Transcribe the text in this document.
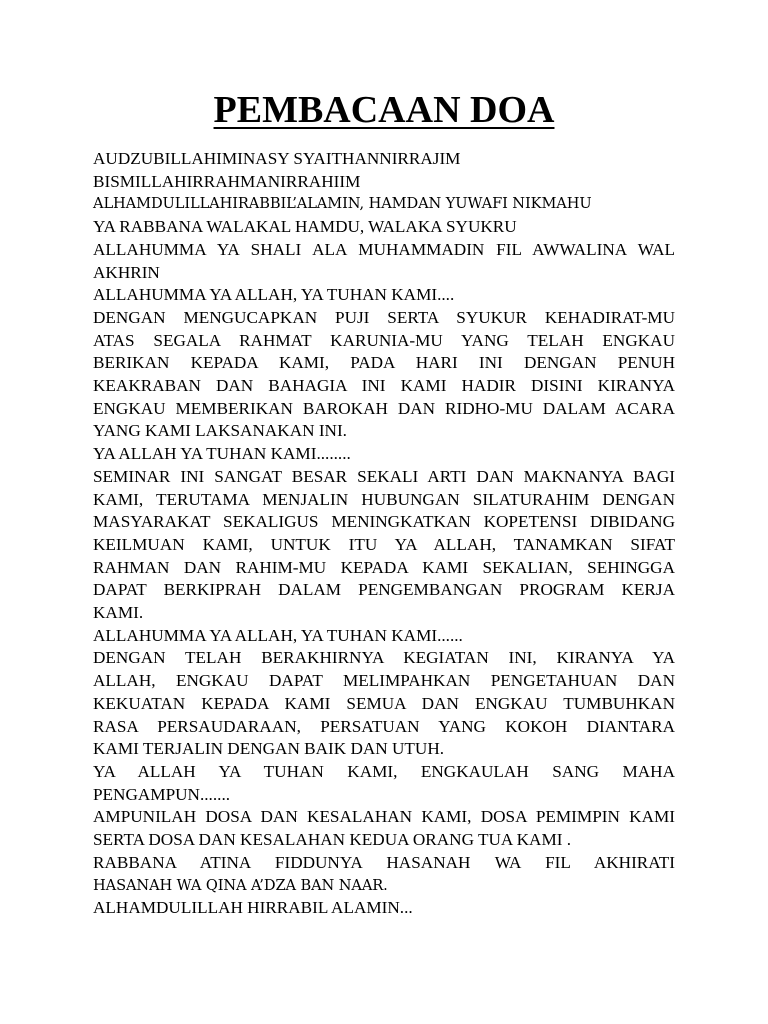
PEMBACAAN DOA
AUDZUBILLAHIMINASY SYAITHANNIRRAJIM
BISMILLAHIRRAHMANIRRAHIIM
ALHAMDULILLAHIRABBIL’ALAMIN, HAMDAN YUWAFI NIKMAHU
YA RABBANA WALAKAL HAMDU, WALAKA SYUKRU
ALLAHUMMA YA SHALI ALA MUHAMMADIN FIL AWWALINA WAL
AKHRIN
ALLAHUMMA YA ALLAH, YA TUHAN KAMI....
DENGAN MENGUCAPKAN PUJI SERTA SYUKUR KEHADIRAT-MU
ATAS SEGALA RAHMAT KARUNIA-MU YANG TELAH ENGKAU
BERIKAN KEPADA KAMI, PADA HARI INI DENGAN PENUH
KEAKRABAN DAN BAHAGIA INI KAMI HADIR DISINI KIRANYA
ENGKAU MEMBERIKAN BAROKAH DAN RIDHO-MU DALAM ACARA
YANG KAMI LAKSANAKAN INI.
YA ALLAH YA TUHAN KAMI........
SEMINAR INI SANGAT BESAR SEKALI ARTI DAN MAKNANYA BAGI
KAMI, TERUTAMA MENJALIN HUBUNGAN SILATURAHIM DENGAN
MASYARAKAT SEKALIGUS MENINGKATKAN KOPETENSI DIBIDANG
KEILMUAN KAMI, UNTUK ITU YA ALLAH, TANAMKAN SIFAT
RAHMAN DAN RAHIM-MU KEPADA KAMI SEKALIAN, SEHINGGA
DAPAT BERKIPRAH DALAM PENGEMBANGAN PROGRAM KERJA
KAMI.
ALLAHUMMA YA ALLAH, YA TUHAN KAMI......
DENGAN TELAH BERAKHIRNYA KEGIATAN INI, KIRANYA YA
ALLAH, ENGKAU DAPAT MELIMPAHKAN PENGETAHUAN DAN
KEKUATAN KEPADA KAMI SEMUA DAN ENGKAU TUMBUHKAN
RASA PERSAUDARAAN, PERSATUAN YANG KOKOH DIANTARA
KAMI TERJALIN DENGAN BAIK DAN UTUH.
YA ALLAH YA TUHAN KAMI, ENGKAULAH SANG MAHA
PENGAMPUN.......
AMPUNILAH DOSA DAN KESALAHAN KAMI, DOSA PEMIMPIN KAMI
SERTA DOSA DAN KESALAHAN KEDUA ORANG TUA KAMI .
RABBANA ATINA FIDDUNYA HASANAH WA FIL AKHIRATI
HASANAH WA QINA A’DZA BAN NAAR.
ALHAMDULILLAH HIRRABIL ALAMIN...
